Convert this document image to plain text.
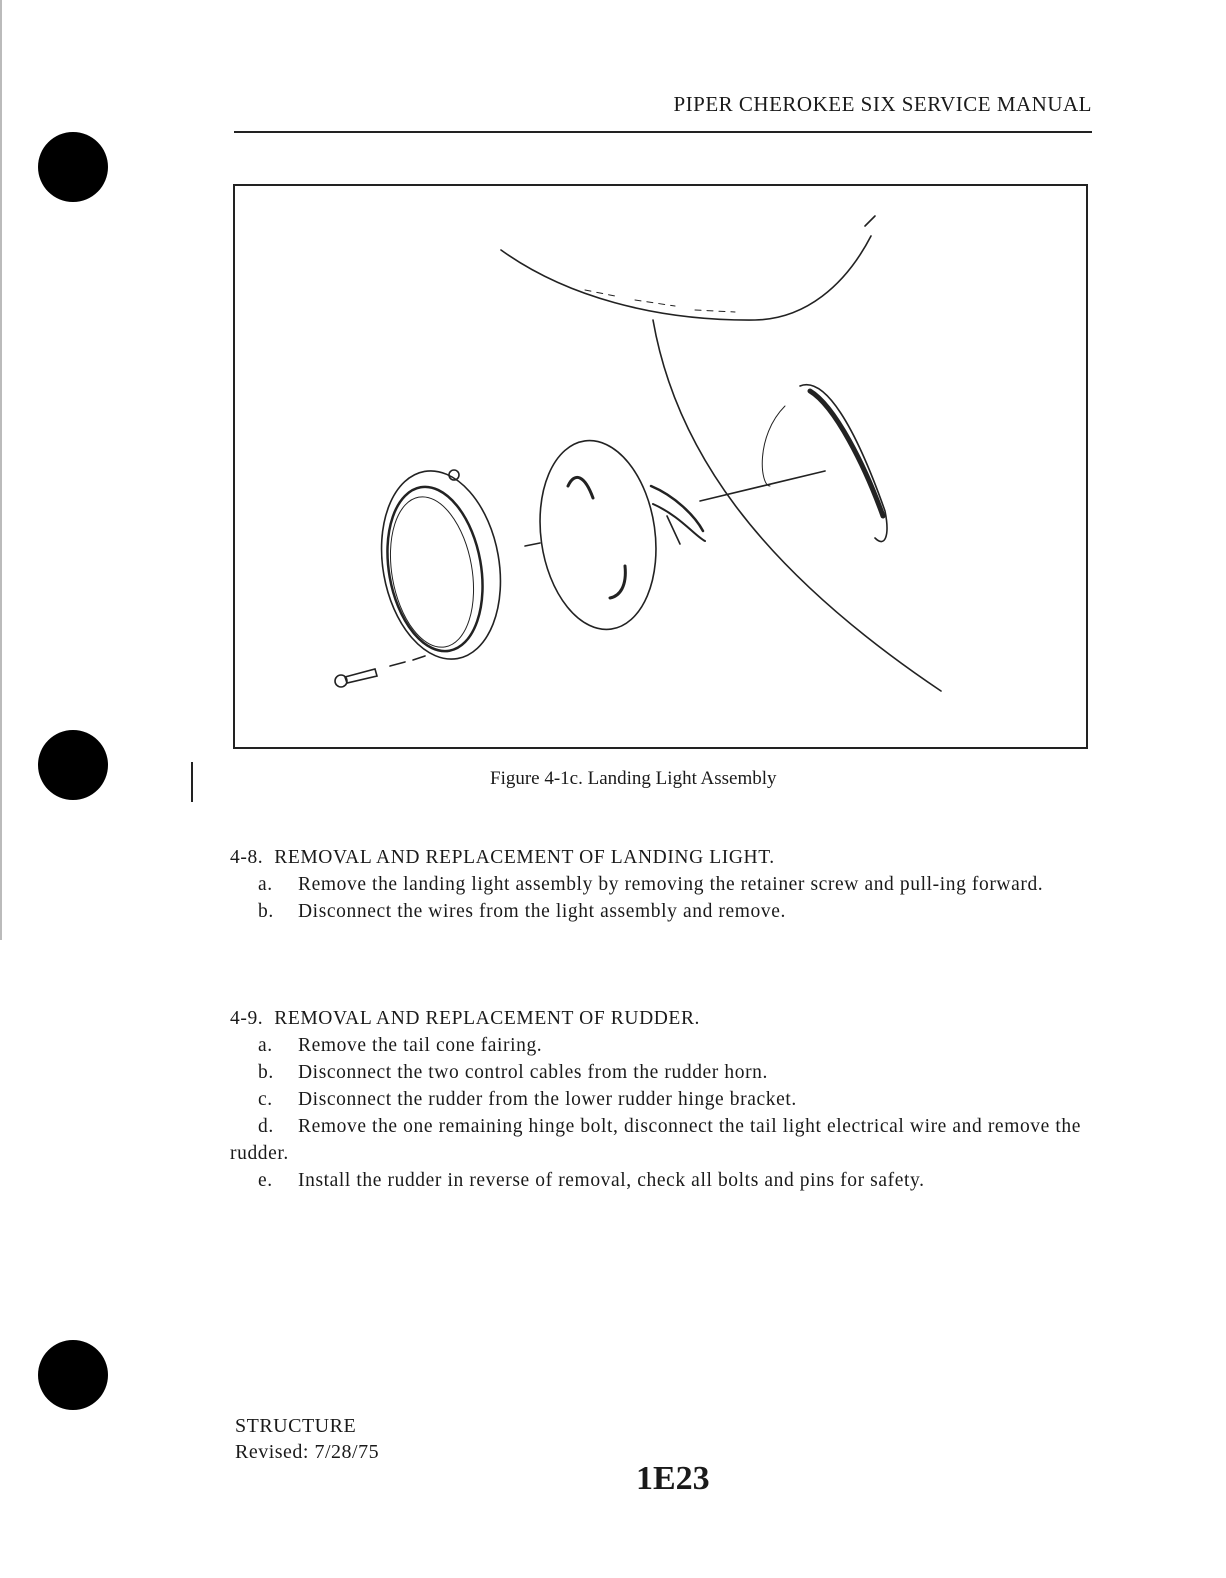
PIPER CHEROKEE SIX SERVICE MANUAL
Figure 4-1c. Landing Light Assembly

4-8. REMOVAL AND REPLACEMENT OF LANDING LIGHT.

a. Remove the landing light assembly by removing the retainer screw and pull-ing forward.

b. Disconnect the wires from the light assembly and remove.

4-9. REMOVAL AND REPLACEMENT OF RUDDER.

a. Remove the tail cone fairing.

b. Disconnect the two control cables from the rudder horn.

c. Disconnect the rudder from the lower rudder hinge bracket.

d. Remove the one remaining hinge bolt, disconnect the tail light electrical wire and remove the rudder.

e. Install the rudder in reverse of removal, check all bolts and pins for safety.

STRUCTURE
Revised: 7/28/75
1E23
